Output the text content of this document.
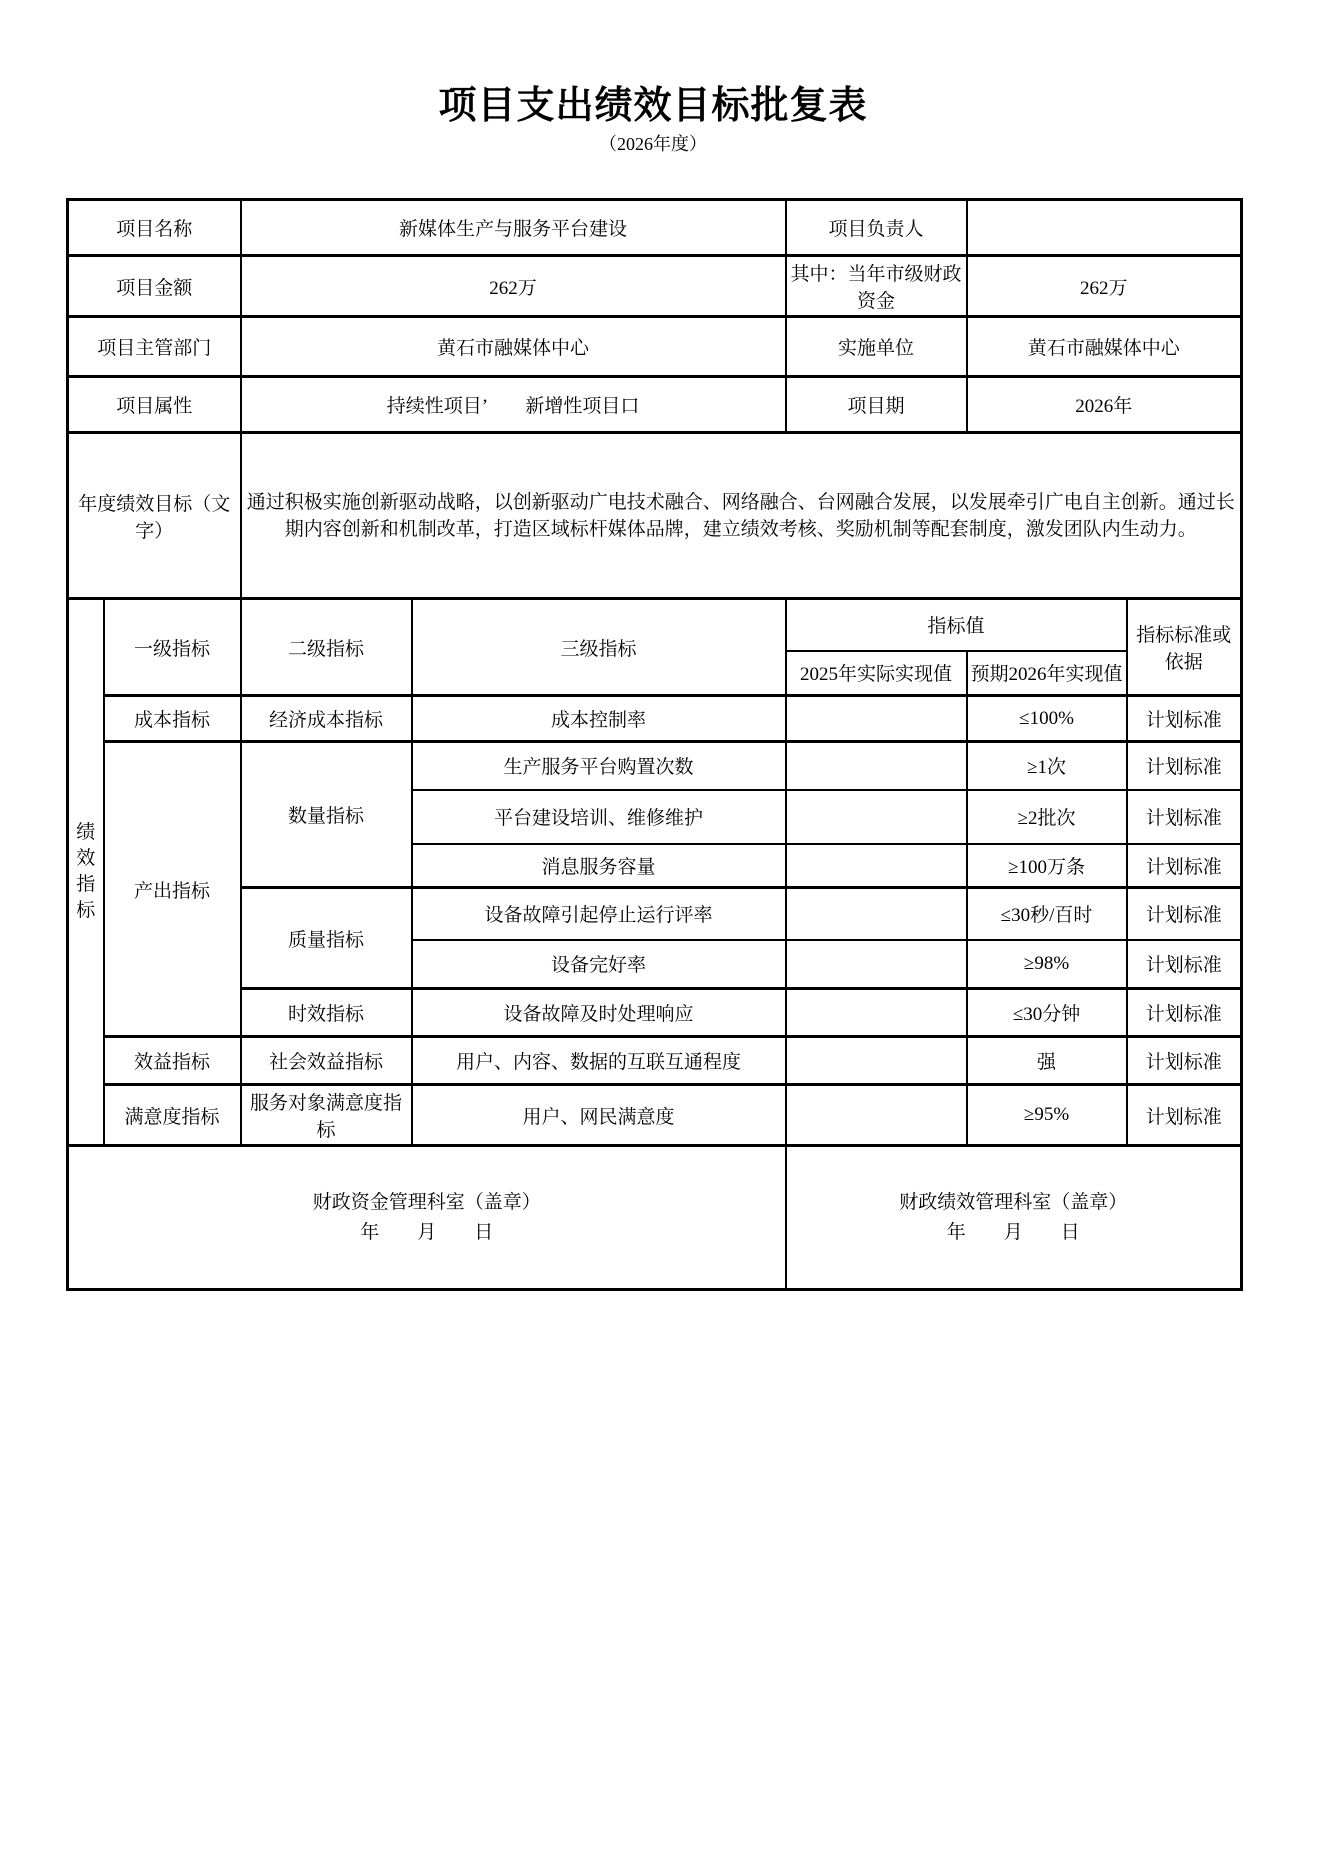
项目支出绩效目标批复表
（2026年度）
项目名称		新媒体生产与服务平台建设		项目负责人		
项目金额		262万		其中：当年市级财政资金	262万	
项目主管部门		黄石市融媒体中心		实施单位	黄石市融媒体中心	
项目属性		持续性项目’　　新增性项目口		项目期	2026年	
年度绩效目标（文字）		通过积极实施创新驱动战略，以创新驱动广电技术融合、网络融合、台网融合发展，以发展牵引广电自主创新。通过长期内容创新和机制改革，打造区域标杆媒体品牌，建立绩效考核、奖励机制等配套制度，激发团队内生动力。				
绩效指标	一级指标	二级指标	三级指标	指标值		指标标准或依据
				2025年实际实现值	预期2026年实现值	
	成本指标	经济成本指标	成本控制率		≤100%	计划标准
	产出指标	数量指标	生产服务平台购置次数		≥1次	计划标准
			平台建设培训、维修维护		≥2批次	计划标准
			消息服务容量		≥100万条	计划标准
		质量指标	设备故障引起停止运行评率		≤30秒/百时	计划标准
			设备完好率		≥98%	计划标准
		时效指标	设备故障及时处理响应		≤30分钟	计划标准
	效益指标	社会效益指标	用户、内容、数据的互联互通程度		强	计划标准
	满意度指标	服务对象满意度指标	用户、网民满意度		≥95%	计划标准

财政资金管理科室（盖章）
年　　月　　日

财政绩效管理科室（盖章）
年　　月　　日
